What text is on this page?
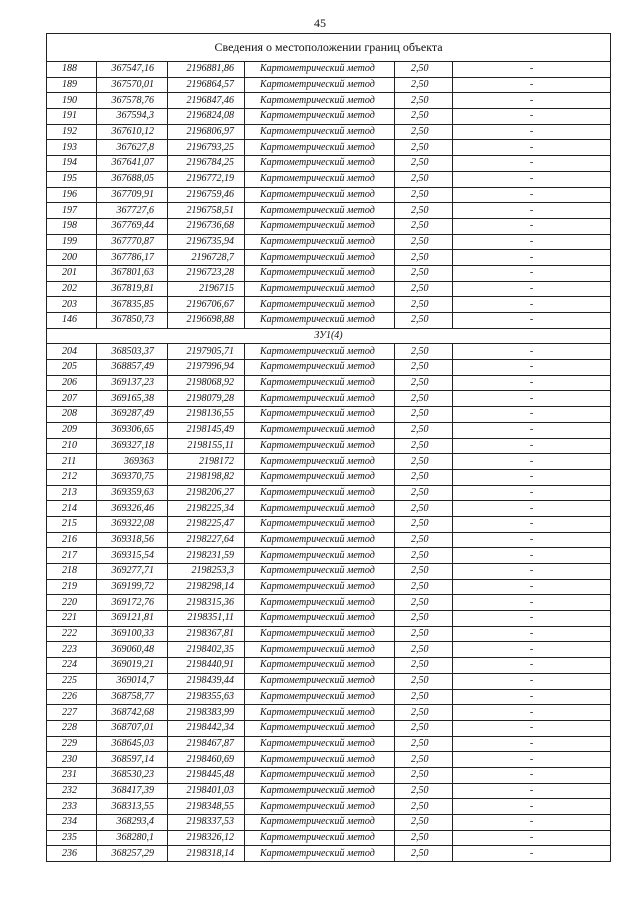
45
Сведения о местоположении границ объекта					
188	367547,16	2196881,86	Картометрический метод	2,50	-
189	367570,01	2196864,57	Картометрический метод	2,50	-
190	367578,76	2196847,46	Картометрический метод	2,50	-
191	367594,3	2196824,08	Картометрический метод	2,50	-
192	367610,12	2196806,97	Картометрический метод	2,50	-
193	367627,8	2196793,25	Картометрический метод	2,50	-
194	367641,07	2196784,25	Картометрический метод	2,50	-
195	367688,05	2196772,19	Картометрический метод	2,50	-
196	367709,91	2196759,46	Картометрический метод	2,50	-
197	367727,6	2196758,51	Картометрический метод	2,50	-
198	367769,44	2196736,68	Картометрический метод	2,50	-
199	367770,87	2196735,94	Картометрический метод	2,50	-
200	367786,17	2196728,7	Картометрический метод	2,50	-
201	367801,63	2196723,28	Картометрический метод	2,50	-
202	367819,81	2196715	Картометрический метод	2,50	-
203	367835,85	2196706,67	Картометрический метод	2,50	-
146	367850,73	2196698,88	Картометрический метод	2,50	-
ЗУ1(4)					
204	368503,37	2197905,71	Картометрический метод	2,50	-
205	368857,49	2197996,94	Картометрический метод	2,50	-
206	369137,23	2198068,92	Картометрический метод	2,50	-
207	369165,38	2198079,28	Картометрический метод	2,50	-
208	369287,49	2198136,55	Картометрический метод	2,50	-
209	369306,65	2198145,49	Картометрический метод	2,50	-
210	369327,18	2198155,11	Картометрический метод	2,50	-
211	369363	2198172	Картометрический метод	2,50	-
212	369370,75	2198198,82	Картометрический метод	2,50	-
213	369359,63	2198206,27	Картометрический метод	2,50	-
214	369326,46	2198225,34	Картометрический метод	2,50	-
215	369322,08	2198225,47	Картометрический метод	2,50	-
216	369318,56	2198227,64	Картометрический метод	2,50	-
217	369315,54	2198231,59	Картометрический метод	2,50	-
218	369277,71	2198253,3	Картометрический метод	2,50	-
219	369199,72	2198298,14	Картометрический метод	2,50	-
220	369172,76	2198315,36	Картометрический метод	2,50	-
221	369121,81	2198351,11	Картометрический метод	2,50	-
222	369100,33	2198367,81	Картометрический метод	2,50	-
223	369060,48	2198402,35	Картометрический метод	2,50	-
224	369019,21	2198440,91	Картометрический метод	2,50	-
225	369014,7	2198439,44	Картометрический метод	2,50	-
226	368758,77	2198355,63	Картометрический метод	2,50	-
227	368742,68	2198383,99	Картометрический метод	2,50	-
228	368707,01	2198442,34	Картометрический метод	2,50	-
229	368645,03	2198467,87	Картометрический метод	2,50	-
230	368597,14	2198460,69	Картометрический метод	2,50	-
231	368530,23	2198445,48	Картометрический метод	2,50	-
232	368417,39	2198401,03	Картометрический метод	2,50	-
233	368313,55	2198348,55	Картометрический метод	2,50	-
234	368293,4	2198337,53	Картометрический метод	2,50	-
235	368280,1	2198326,12	Картометрический метод	2,50	-
236	368257,29	2198318,14	Картометрический метод	2,50	-
